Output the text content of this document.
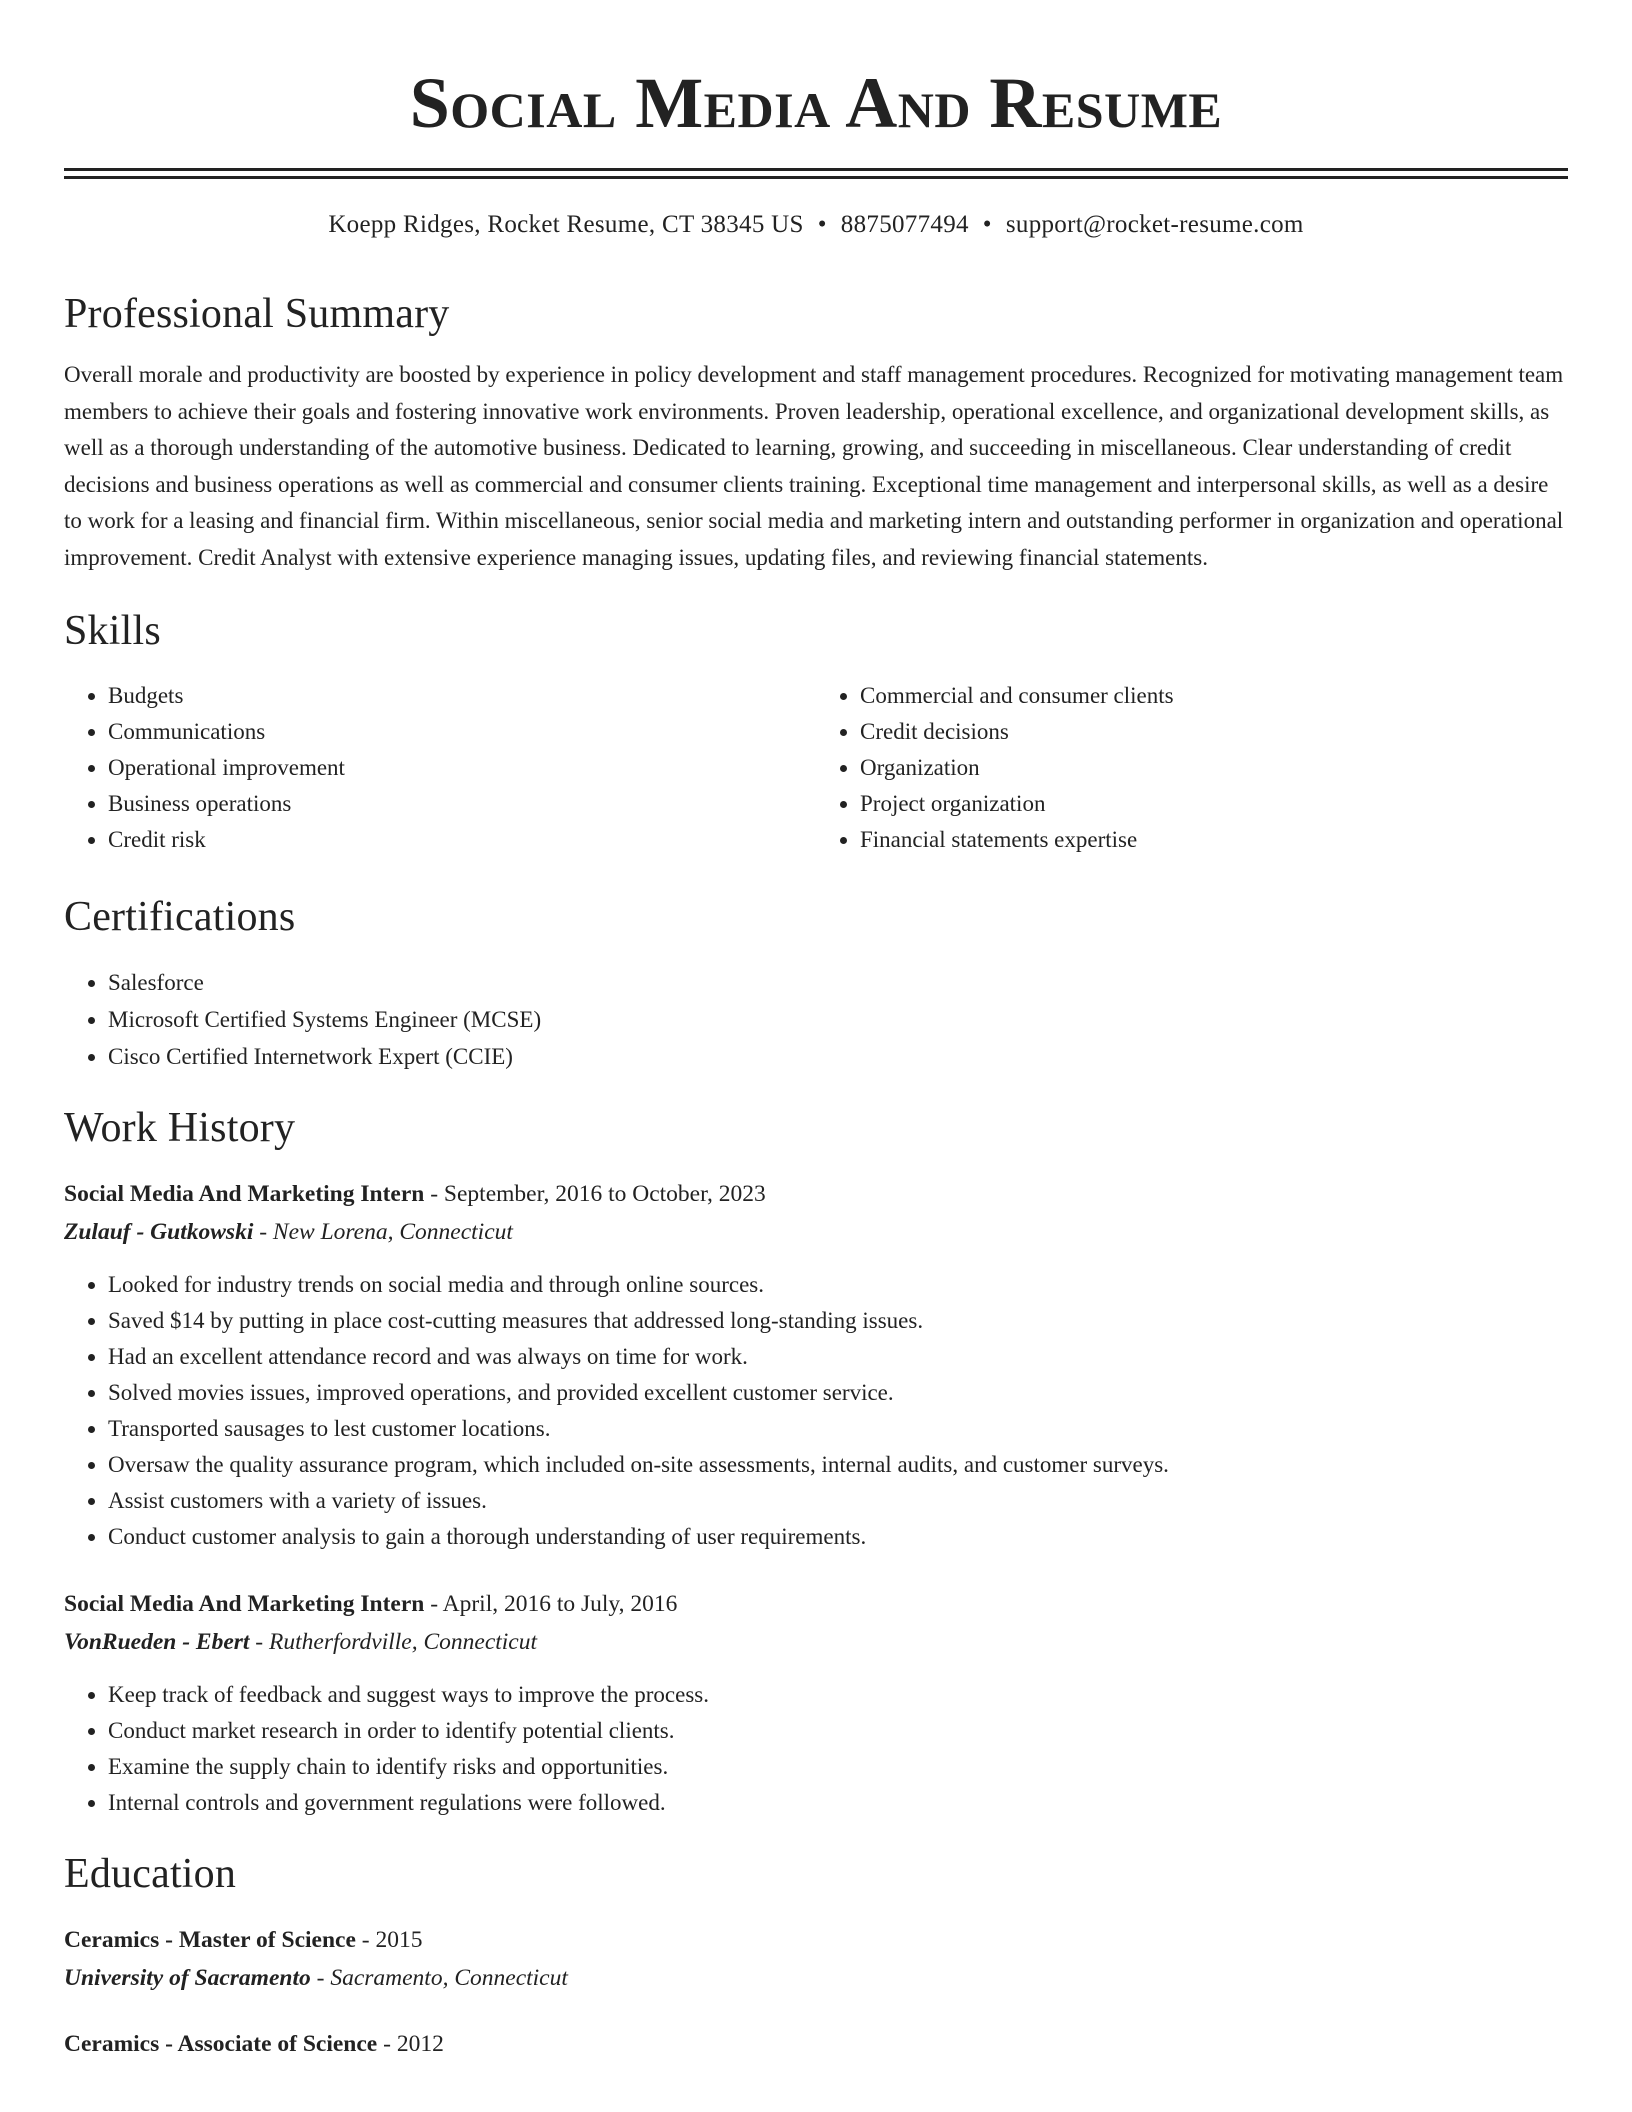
Social Media And Resume
Koepp Ridges, Rocket Resume, CT 38345 US • 8875077494 • support@rocket-resume.com
Professional Summary

Overall morale and productivity are boosted by experience in policy development and staff management procedures. Recognized for motivating management team members to achieve their goals and fostering innovative work environments. Proven leadership, operational excellence, and organizational development skills, as well as a thorough understanding of the automotive business. Dedicated to learning, growing, and succeeding in miscellaneous. Clear understanding of credit decisions and business operations as well as commercial and consumer clients training. Exceptional time management and interpersonal skills, as well as a desire to work for a leasing and financial firm. Within miscellaneous, senior social media and marketing intern and outstanding performer in organization and operational improvement. Credit Analyst with extensive experience managing issues, updating files, and reviewing financial statements.

Skills
• Budgets
• Communications
• Operational improvement
• Business operations
• Credit risk
• Commercial and consumer clients
• Credit decisions
• Organization
• Project organization
• Financial statements expertise
Certifications
• Salesforce
• Microsoft Certified Systems Engineer (MCSE)
• Cisco Certified Internetwork Expert (CCIE)
Work History
Social Media And Marketing Intern - September, 2016 to October, 2023
Zulauf - Gutkowski - New Lorena, Connecticut
• Looked for industry trends on social media and through online sources.
• Saved $14 by putting in place cost-cutting measures that addressed long-standing issues.
• Had an excellent attendance record and was always on time for work.
• Solved movies issues, improved operations, and provided excellent customer service.
• Transported sausages to lest customer locations.
• Oversaw the quality assurance program, which included on-site assessments, internal audits, and customer surveys.
• Assist customers with a variety of issues.
• Conduct customer analysis to gain a thorough understanding of user requirements.
Social Media And Marketing Intern - April, 2016 to July, 2016
VonRueden - Ebert - Rutherfordville, Connecticut
• Keep track of feedback and suggest ways to improve the process.
• Conduct market research in order to identify potential clients.
• Examine the supply chain to identify risks and opportunities.
• Internal controls and government regulations were followed.
Education
Ceramics - Master of Science - 2015
University of Sacramento - Sacramento, Connecticut
Ceramics - Associate of Science - 2012
